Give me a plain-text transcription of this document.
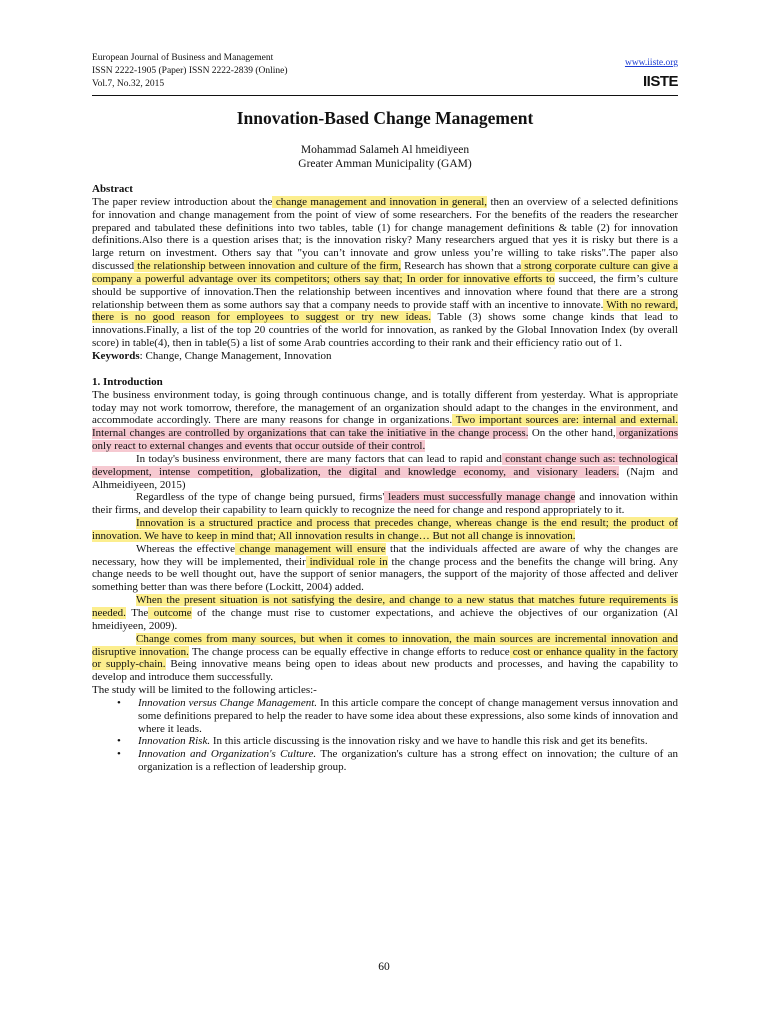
European Journal of Business and Management
ISSN 2222-1905 (Paper) ISSN 2222-2839 (Online)
Vol.7, No.32, 2015
www.iiste.org
IISTE
Innovation-Based Change Management
Mohammad Salameh Al hmeidiyeen
Greater Amman Municipality (GAM)

Abstract

The paper review introduction about the change management and innovation in general, then an overview of a selected definitions for innovation and change management from the point of view of some researchers. For the benefits of the readers the researcher prepared and tabulated these definitions into two tables, table (1) for change management definitions & table (2) for innovation definitions.Also there is a question arises that; is the innovation risky? Many researchers argued that yes it is risky but there is a large return on investment. Others say that "you can’t innovate and grow unless you’re willing to take risks".The paper also discussed the relationship between innovation and culture of the firm, Research has shown that a strong corporate culture can give a company a powerful advantage over its competitors; others say that; In order for innovative efforts to succeed, the firm’s culture should be supportive of innovation.Then the relationship between incentives and innovation where found that there are a strong relationship between them as some authors say that a company needs to provide staff with an incentive to innovate. With no reward, there is no good reason for employees to suggest or try new ideas. Table (3) shows some change kinds that lead to innovations.Finally, a list of the top 20 countries of the world for innovation, as ranked by the Global Innovation Index (by overall score) in table(4), then in table(5) a list of some Arab countries according to their rank and their efficiency ratio out of 1.

Keywords: Change, Change Management, Innovation

1. Introduction

The business environment today, is going through continuous change, and is totally different from yesterday. What is appropriate today may not work tomorrow, therefore, the management of an organization should adapt to the changes in the environment, and accommodate accordingly. There are many reasons for change in organizations. Two important sources are: internal and external. Internal changes are controlled by organizations that can take the initiative in the change process. On the other hand, organizations only react to external changes and events that occur outside of their control.

In today's business environment, there are many factors that can lead to rapid and constant change such as: technological development, intense competition, globalization, the digital and knowledge economy, and visionary leaders. (Najm and Alhmeidiyeen, 2015)

Regardless of the type of change being pursued, firms' leaders must successfully manage change and innovation within their firms, and develop their capability to learn quickly to recognize the need for change and respond appropriately to it.

Innovation is a structured practice and process that precedes change, whereas change is the end result; the product of innovation. We have to keep in mind that; All innovation results in change… But not all change is innovation.

Whereas the effective change management will ensure that the individuals affected are aware of why the changes are necessary, how they will be implemented, their individual role in the change process and the benefits the change will bring. Any change needs to be well thought out, have the support of senior managers, the support of the majority of those affected and deliver something better than was there before (Lockitt, 2004) added.

When the present situation is not satisfying the desire, and change to a new status that matches future requirements is needed. The outcome of the change must rise to customer expectations, and achieve the objectives of our organization (Al hmeidiyeen, 2009).

Change comes from many sources, but when it comes to innovation, the main sources are incremental innovation and disruptive innovation. The change process can be equally effective in change efforts to reduce cost or enhance quality in the factory or supply-chain. Being innovative means being open to ideas about new products and processes, and having the capability to develop and introduce them successfully.

The study will be limited to the following articles:-

• Innovation versus Change Management. In this article compare the concept of change management versus innovation and some definitions prepared to help the reader to have some idea about these expressions, also some kinds of innovation and where it leads.
• Innovation Risk. In this article discussing is the innovation risky and we have to handle this risk and get its benefits.
• Innovation and Organization's Culture. The organization's culture has a strong effect on innovation; the culture of an organization is a reflection of leadership group.
60
